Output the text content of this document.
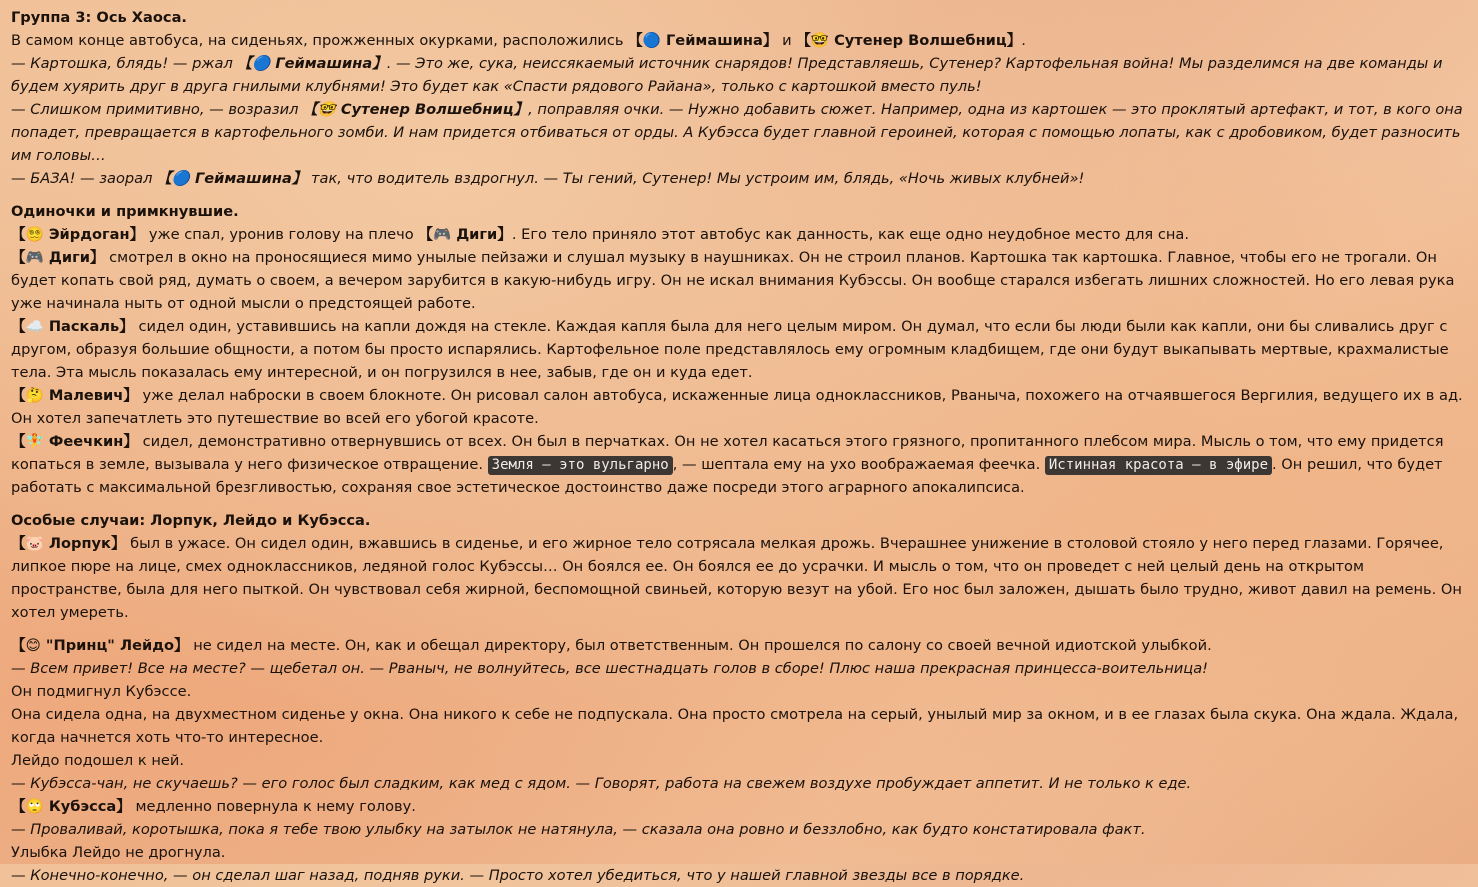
Группа 3: Ось Хаоса.

В самом конце автобуса, на сиденьях, прожженных окурками, расположились 【🔵 Геймашина】 и 【🤓 Сутенер Волшебниц】.

— Картошка, блядь! — ржал 【🔵 Геймашина】. — Это же, сука, неиссякаемый источник снарядов! Представляешь, Сутенер? Картофельная война! Мы разделимся на две команды и будем хуярить друг в друга гнилыми клубнями! Это будет как «Спасти рядового Райана», только с картошкой вместо пуль!

— Слишком примитивно, — возразил 【🤓 Сутенер Волшебниц】, поправляя очки. — Нужно добавить сюжет. Например, одна из картошек — это проклятый артефакт, и тот, в кого она попадет, превращается в картофельного зомби. И нам придется отбиваться от орды. А Кубэсса будет главной героиней, которая с помощью лопаты, как с дробовиком, будет разносить им головы…

— БАЗА! — заорал 【🔵 Геймашина】 так, что водитель вздрогнул. — Ты гений, Сутенер! Мы устроим им, блядь, «Ночь живых клубней»!

Одиночки и примкнувшие.

【😵‍💫 Эйрдоган】 уже спал, уронив голову на плечо 【🎮 Диги】. Его тело приняло этот автобус как данность, как еще одно неудобное место для сна.

【🎮 Диги】 смотрел в окно на проносящиеся мимо унылые пейзажи и слушал музыку в наушниках. Он не строил планов. Картошка так картошка. Главное, чтобы его не трогали. Он будет копать свой ряд, думать о своем, а вечером зарубится в какую-нибудь игру. Он не искал внимания Кубэссы. Он вообще старался избегать лишних сложностей. Но его левая рука уже начинала ныть от одной мысли о предстоящей работе.

【☁️ Паскаль】 сидел один, уставившись на капли дождя на стекле. Каждая капля была для него целым миром. Он думал, что если бы люди были как капли, они бы сливались друг с другом, образуя большие общности, а потом бы просто испарялись. Картофельное поле представлялось ему огромным кладбищем, где они будут выкапывать мертвые, крахмалистые тела. Эта мысль показалась ему интересной, и он погрузился в нее, забыв, где он и куда едет.

【🤔 Малевич】 уже делал наброски в своем блокноте. Он рисовал салон автобуса, искаженные лица одноклассников, Рваныча, похожего на отчаявшегося Вергилия, ведущего их в ад. Он хотел запечатлеть это путешествие во всей его убогой красоте.

【🧚 Феечкин】 сидел, демонстративно отвернувшись от всех. Он был в перчатках. Он не хотел касаться этого грязного, пропитанного плебсом мира. Мысль о том, что ему придется копаться в земле, вызывала у него физическое отвращение. Земля — это вульгарно , — шептала ему на ухо воображаемая феечка. Истинная красота — в эфире . Он решил, что будет работать с максимальной брезгливостью, сохраняя свое эстетическое достоинство даже посреди этого аграрного апокалипсиса.

Особые случаи: Лорпук, Лейдо и Кубэсса.

【🐷 Лорпук】 был в ужасе. Он сидел один, вжавшись в сиденье, и его жирное тело сотрясала мелкая дрожь. Вчерашнее унижение в столовой стояло у него перед глазами. Горячее, липкое пюре на лице, смех одноклассников, ледяной голос Кубэссы… Он боялся ее. Он боялся ее до усрачки. И мысль о том, что он проведет с ней целый день на открытом пространстве, была для него пыткой. Он чувствовал себя жирной, беспомощной свиньей, которую везут на убой. Его нос был заложен, дышать было трудно, живот давил на ремень. Он хотел умереть.

【😊 "Принц" Лейдо】 не сидел на месте. Он, как и обещал директору, был ответственным. Он прошелся по салону со своей вечной идиотской улыбкой.

— Всем привет! Все на месте? — щебетал он. — Рваныч, не волнуйтесь, все шестнадцать голов в сборе! Плюс наша прекрасная принцесса-воительница!

Он подмигнул Кубэссе.

Она сидела одна, на двухместном сиденье у окна. Она никого к себе не подпускала. Она просто смотрела на серый, унылый мир за окном, и в ее глазах была скука. Она ждала. Ждала, когда начнется хоть что-то интересное.

Лейдо подошел к ней.

— Кубэсса-чан, не скучаешь? — его голос был сладким, как мед с ядом. — Говорят, работа на свежем воздухе пробуждает аппетит. И не только к еде.

【🙄 Кубэсса】 медленно повернула к нему голову.

— Проваливай, коротышка, пока я тебе твою улыбку на затылок не натянула, — сказала она ровно и беззлобно, как будто констатировала факт.

Улыбка Лейдо не дрогнула.

— Конечно-конечно, — он сделал шаг назад, подняв руки. — Просто хотел убедиться, что у нашей главной звезды все в порядке.
